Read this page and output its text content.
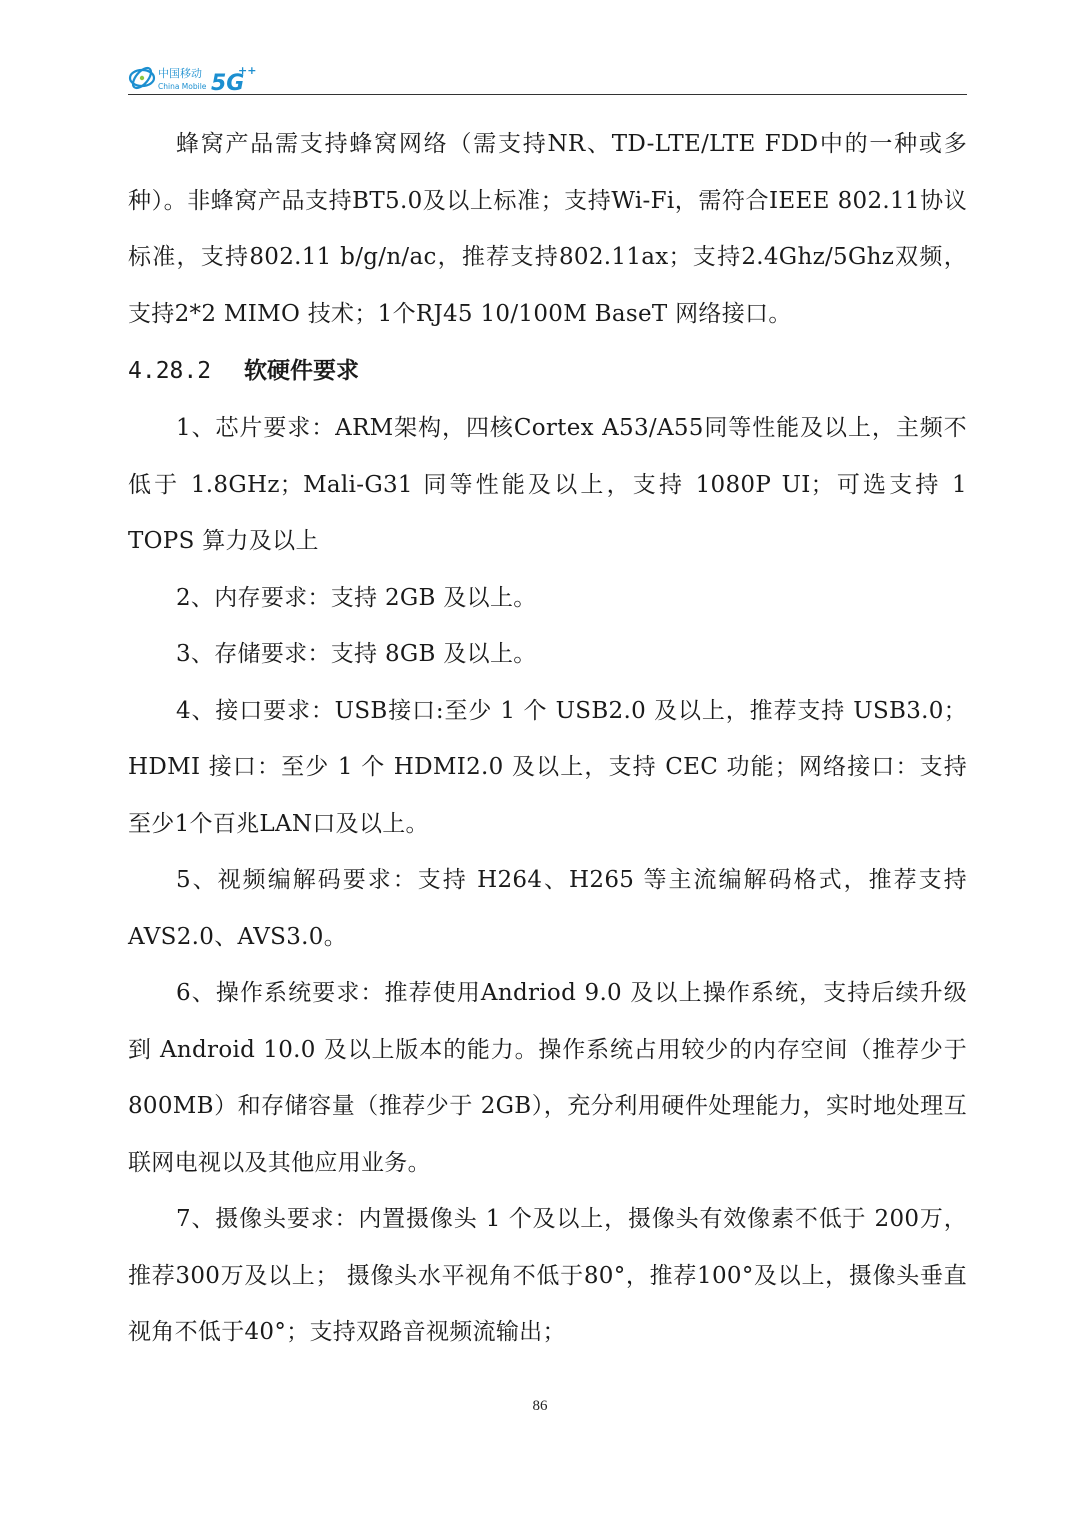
中国移动
China Mobile 5G
++

蜂窝产品需支持蜂窝网络（需支持NR、TD-LTE/LTE FDD中的一种或多种）。非蜂窝产品支持BT5.0及以上标准；支持Wi-Fi，需符合IEEE 802.11协议标准，支持802.11 b/g/n/ac，推荐支持802.11ax；支持2.4Ghz/5Ghz双频，支持2*2 MIMO 技术；1个RJ45 10/100M BaseT 网络接口。

4.28.2 软硬件要求

1、芯片要求：ARM架构，四核Cortex A53/A55同等性能及以上，主频不低于 1.8GHz；Mali-G31 同等性能及以上，支持 1080P UI；可选支持 1 TOPS 算力及以上

2、内存要求：支持 2GB 及以上。

3、存储要求：支持 8GB 及以上。

4、接口要求：USB接口:至少 1 个 USB2.0 及以上，推荐支持 USB3.0；HDMI 接口：至少 1 个 HDMI2.0 及以上，支持 CEC 功能；网络接口：支持至少1个百兆LAN口及以上。

5、视频编解码要求：支持 H264、H265 等主流编解码格式，推荐支持AVS2.0、AVS3.0。

6、操作系统要求：推荐使用Andriod 9.0 及以上操作系统，支持后续升级到 Android 10.0 及以上版本的能力。操作系统占用较少的内存空间（推荐少于 800MB）和存储容量（推荐少于 2GB），充分利用硬件处理能力，实时地处理互联网电视以及其他应用业务。

7、摄像头要求：内置摄像头 1 个及以上，摄像头有效像素不低于 200万，推荐300万及以上； 摄像头水平视角不低于80°，推荐100°及以上，摄像头垂直视角不低于40°；支持双路音视频流输出；

86
